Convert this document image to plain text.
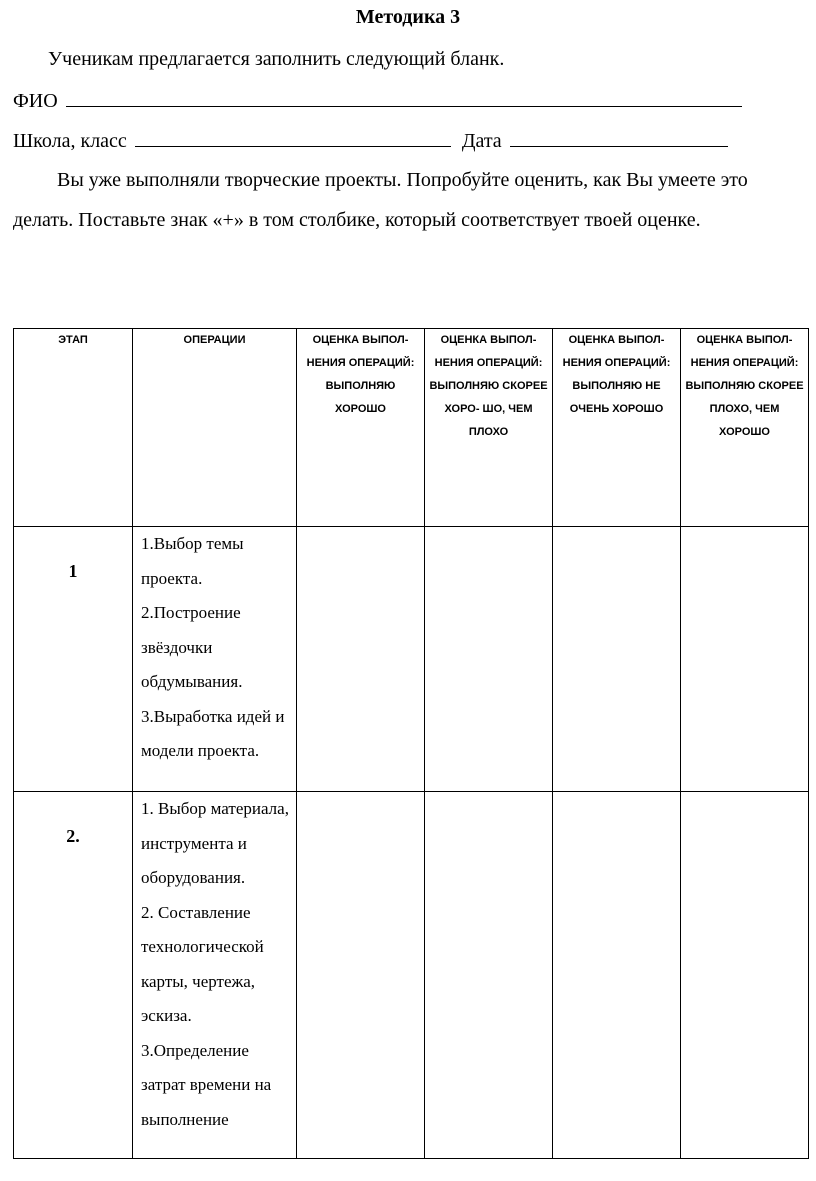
Методика 3
Ученикам предлагается заполнить следующий бланк.
ФИО
Школа, класс	Дата
Вы уже выполняли творческие проекты. Попробуйте оценить, как Вы умеете это делать. Поставьте знак «+» в том столбике, который соответствует твоей оценке.
ЭТАП	ОПЕРАЦИИ	ОЦЕНКА ВЫПОЛ- НЕНИЯ ОПЕРАЦИЙ: ВЫПОЛНЯЮ ХОРОШО	ОЦЕНКА ВЫПОЛ- НЕНИЯ ОПЕРАЦИЙ: ВЫПОЛНЯЮ СКОРЕЕ ХОРО- ШО, ЧЕМ ПЛОХО	ОЦЕНКА ВЫПОЛ- НЕНИЯ ОПЕРАЦИЙ: ВЫПОЛНЯЮ НЕ ОЧЕНЬ ХОРОШО	ОЦЕНКА ВЫПОЛ- НЕНИЯ ОПЕРАЦИЙ: ВЫПОЛНЯЮ СКОРЕЕ ПЛОХО, ЧЕМ ХОРОШО

1	1.Выбор темы проекта.
2.Построение звёздочки обдумывания.
3.Выработка идей и модели проекта.				

2.	1. Выбор материала, инструмента и оборудования.
2. Составление технологической карты, чертежа, эскиза.
3.Определение затрат времени на выполнение				
